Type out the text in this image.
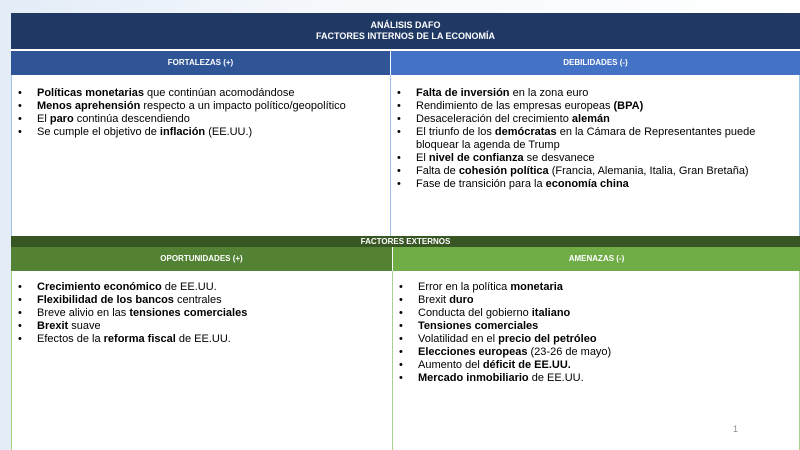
ANÁLISIS DAFO
FACTORES INTERNOS DE LA ECONOMÍA
FORTALEZAS (+)	DEBILIDADES (-)
• Políticas monetarias que continúan acomodándose
• Menos aprehensión respecto a un impacto político/geopolítico
• El paro continúa descendiendo
• Se cumple el objetivo de inflación (EE.UU.)
• Falta de inversión en la zona euro
• Rendimiento de las empresas europeas (BPA)
• Desaceleración del crecimiento alemán
• El triunfo de los demócratas en la Cámara de Representantes puede bloquear la agenda de Trump
• El nivel de confianza se desvanece
• Falta de cohesión política (Francia, Alemania, Italia, Gran Bretaña)
• Fase de transición para la economía china
FACTORES EXTERNOS
OPORTUNIDADES (+)	AMENAZAS (-)
• Crecimiento económico de EE.UU.
• Flexibilidad de los bancos centrales
• Breve alivio en las tensiones comerciales
• Brexit suave
• Efectos de la reforma fiscal de EE.UU.
• Error en la política monetaria
• Brexit duro
• Conducta del gobierno italiano
• Tensiones comerciales
• Volatilidad en el precio del petróleo
• Elecciones europeas (23-26 de mayo)
• Aumento del déficit de EE.UU.
• Mercado inmobiliario de EE.UU.
1
